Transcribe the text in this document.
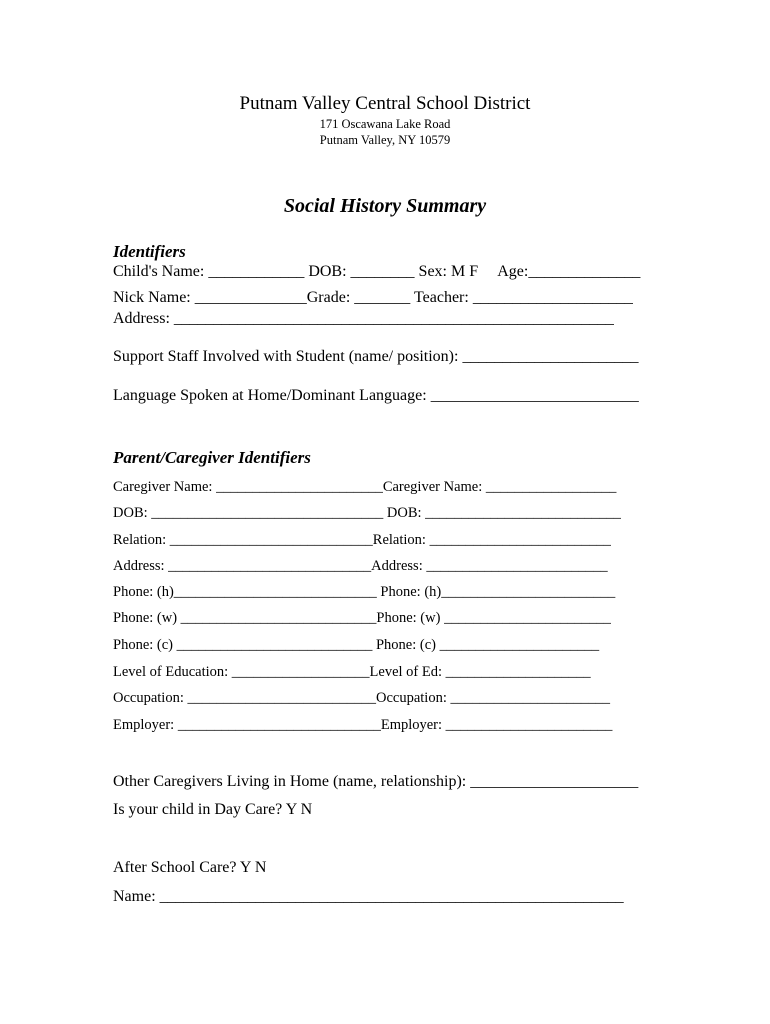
Putnam Valley Central School District
171 Oscawana Lake Road
Putnam Valley, NY 10579
Social History Summary
Identifiers
Child's Name: ____________ DOB: ________ Sex: M F     Age:______________
Nick Name: ______________Grade: _______ Teacher: ____________________
Address: _______________________________________________________
Support Staff Involved with Student (name/ position): ______________________
Language Spoken at Home/Dominant Language: __________________________
Parent/Caregiver Identifiers
Caregiver Name: _______________________Caregiver Name: __________________
DOB: ________________________________ DOB: ___________________________
Relation: ____________________________Relation: _________________________
Address: ____________________________Address: _________________________
Phone: (h)____________________________ Phone: (h)________________________
Phone: (w) ___________________________Phone: (w) _______________________
Phone: (c) ___________________________ Phone: (c) ______________________
Level of Education: ___________________Level of Ed: ____________________
Occupation: __________________________Occupation: ______________________
Employer: ____________________________Employer: _______________________
Other Caregivers Living in Home (name, relationship): _____________________
Is your child in Day Care? Y N
After School Care? Y N
Name: __________________________________________________________
